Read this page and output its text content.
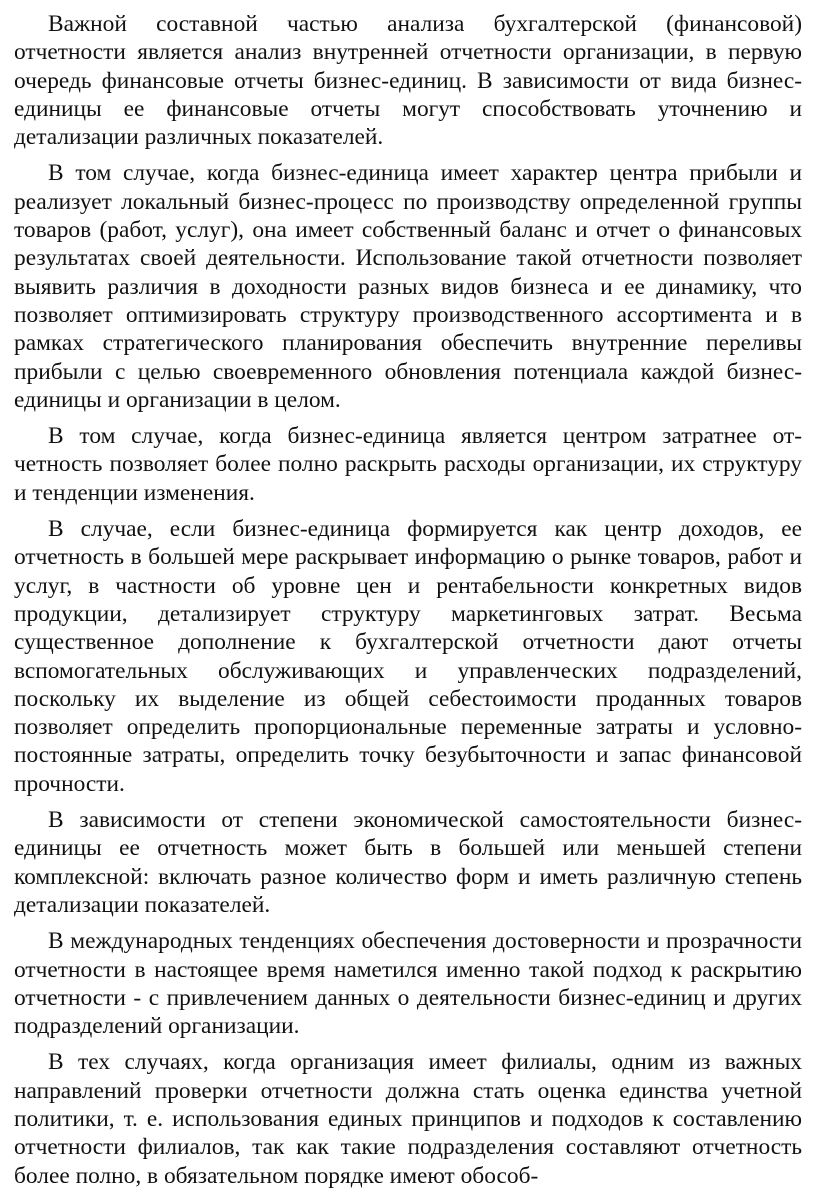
Важной составной частью анализа бухгалтерской (финансовой) отчетности является анализ внутренней отчетности организации, в первую очередь финансовые отчеты бизнес-единиц. В зависимости от вида бизнес-единицы ее финансовые отчеты могут способствовать уточнению и детализации различных показателей.

В том случае, когда бизнес-единица имеет характер центра прибыли и реализует локальный бизнес-процесс по производству определенной группы товаров (работ, услуг), она имеет собственный баланс и отчет о финансовых результатах своей деятельности. Использование такой отчетности позволяет выявить различия в доходности разных видов бизнеса и ее динамику, что позволяет оптимизировать структуру производственного ассортимента и в рамках стратегического планирования обеспечить внутренние переливы прибыли с целью своевременного обновления потенциала каждой бизнес-единицы и организации в целом.

В том случае, когда бизнес-единица является центром затратнее отчетность позволяет более полно раскрыть расходы организации, их структуру и тенденции изменения.

В случае, если бизнес-единица формируется как центр доходов, ее отчетность в большей мере раскрывает информацию о рынке товаров, работ и услуг, в частности об уровне цен и рентабельности конкретных видов продукции, детализирует структуру маркетинговых затрат. Весьма существенное дополнение к бухгалтерской отчетности дают отчеты вспомогательных обслуживающих и управленческих подразделений, поскольку их выделение из общей себестоимости проданных товаров позволяет определить пропорциональные переменные затраты и условно-постоянные затраты, определить точку безубыточности и запас финансовой прочности.

В зависимости от степени экономической самостоятельности бизнес-единицы ее отчетность может быть в большей или меньшей степени комплексной: включать разное количество форм и иметь различную степень детализации показателей.

В международных тенденциях обеспечения достоверности и прозрачности отчетности в настоящее время наметился именно такой подход к раскрытию отчетности - с привлечением данных о деятельности бизнес-единиц и других подразделений организации.

В тех случаях, когда организация имеет филиалы, одним из важных направлений проверки отчетности должна стать оценка единства учетной политики, т. е. использования единых принципов и подходов к составлению отчетности филиалов, так как такие подразделения составляют отчетность более полно, в обязательном порядке имеют обособ-
